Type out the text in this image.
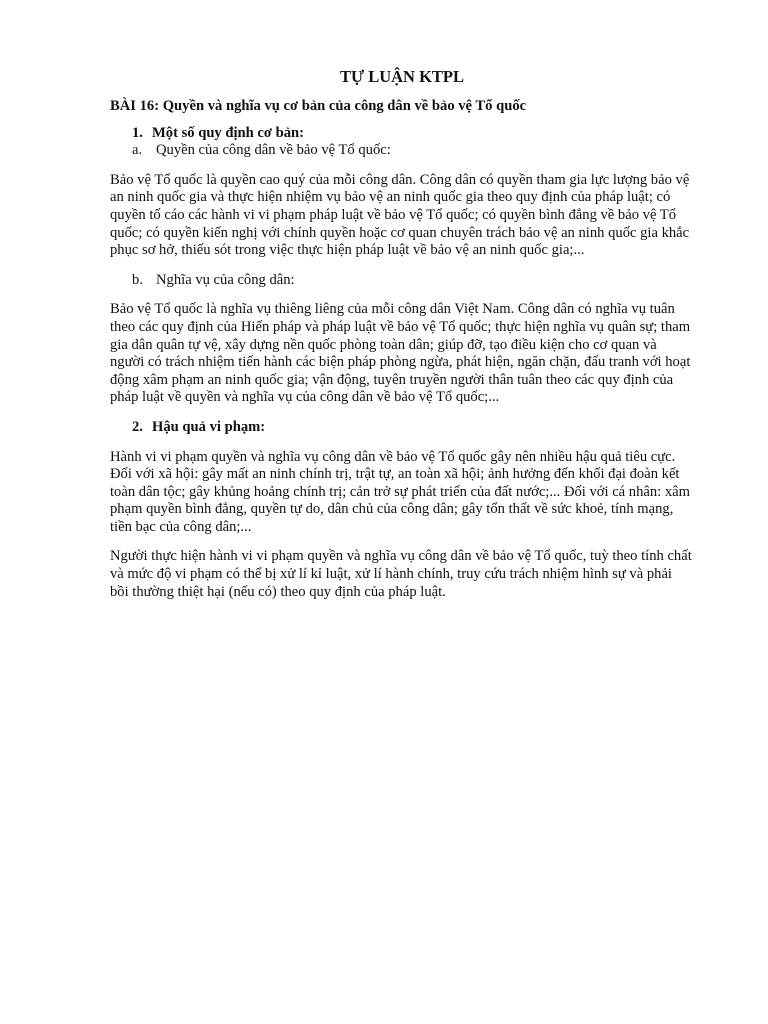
TỰ LUẬN KTPL
BÀI 16: Quyền và nghĩa vụ cơ bản của công dân về bảo vệ Tổ quốc
1. Một số quy định cơ bản:
a. Quyền của công dân về bảo vệ Tổ quốc:

Bảo vệ Tổ quốc là quyền cao quý của mỗi công dân. Công dân có quyền tham gia lực lượng bảo vệ an ninh quốc gia và thực hiện nhiệm vụ bảo vệ an ninh quốc gia theo quy định của pháp luật; có quyền tố cáo các hành vi vi phạm pháp luật về bảo vệ Tổ quốc; có quyền bình đẳng về bảo vệ Tổ quốc; có quyền kiến nghị với chính quyền hoặc cơ quan chuyên trách bảo vệ an ninh quốc gia khắc phục sơ hở, thiếu sót trong việc thực hiện pháp luật về bảo vệ an ninh quốc gia;...

b. Nghĩa vụ của công dân:

Bảo vệ Tổ quốc là nghĩa vụ thiêng liêng của mỗi công dân Việt Nam. Công dân có nghĩa vụ tuân theo các quy định của Hiến pháp và pháp luật về bảo vệ Tổ quốc; thực hiện nghĩa vụ quân sự; tham gia dân quân tự vệ, xây dựng nền quốc phòng toàn dân; giúp đỡ, tạo điều kiện cho cơ quan và người có trách nhiệm tiến hành các biện pháp phòng ngừa, phát hiện, ngăn chặn, đấu tranh với hoạt động xâm phạm an ninh quốc gia; vận động, tuyên truyền người thân tuân theo các quy định của pháp luật về quyền và nghĩa vụ của công dân về bảo vệ Tổ quốc;...

2. Hậu quả vi phạm:

Hành vi vi phạm quyền và nghĩa vụ công dân về bảo vệ Tổ quốc gây nên nhiều hậu quả tiêu cực. Đối với xã hội: gây mất an ninh chính trị, trật tự, an toàn xã hội; ảnh hưởng đến khối đại đoàn kết toàn dân tộc; gây khủng hoảng chính trị; cản trở sự phát triển của đất nước;... Đối với cá nhân: xâm phạm quyền bình đẳng, quyền tự do, dân chủ của công dân; gây tổn thất về sức khoẻ, tính mạng, tiền bạc của công dân;...

Người thực hiện hành vi vi phạm quyền và nghĩa vụ công dân về bảo vệ Tổ quốc, tuỳ theo tính chất và mức độ vi phạm có thể bị xử lí kỉ luật, xử lí hành chính, truy cứu trách nhiệm hình sự và phải bồi thường thiệt hại (nếu có) theo quy định của pháp luật.
